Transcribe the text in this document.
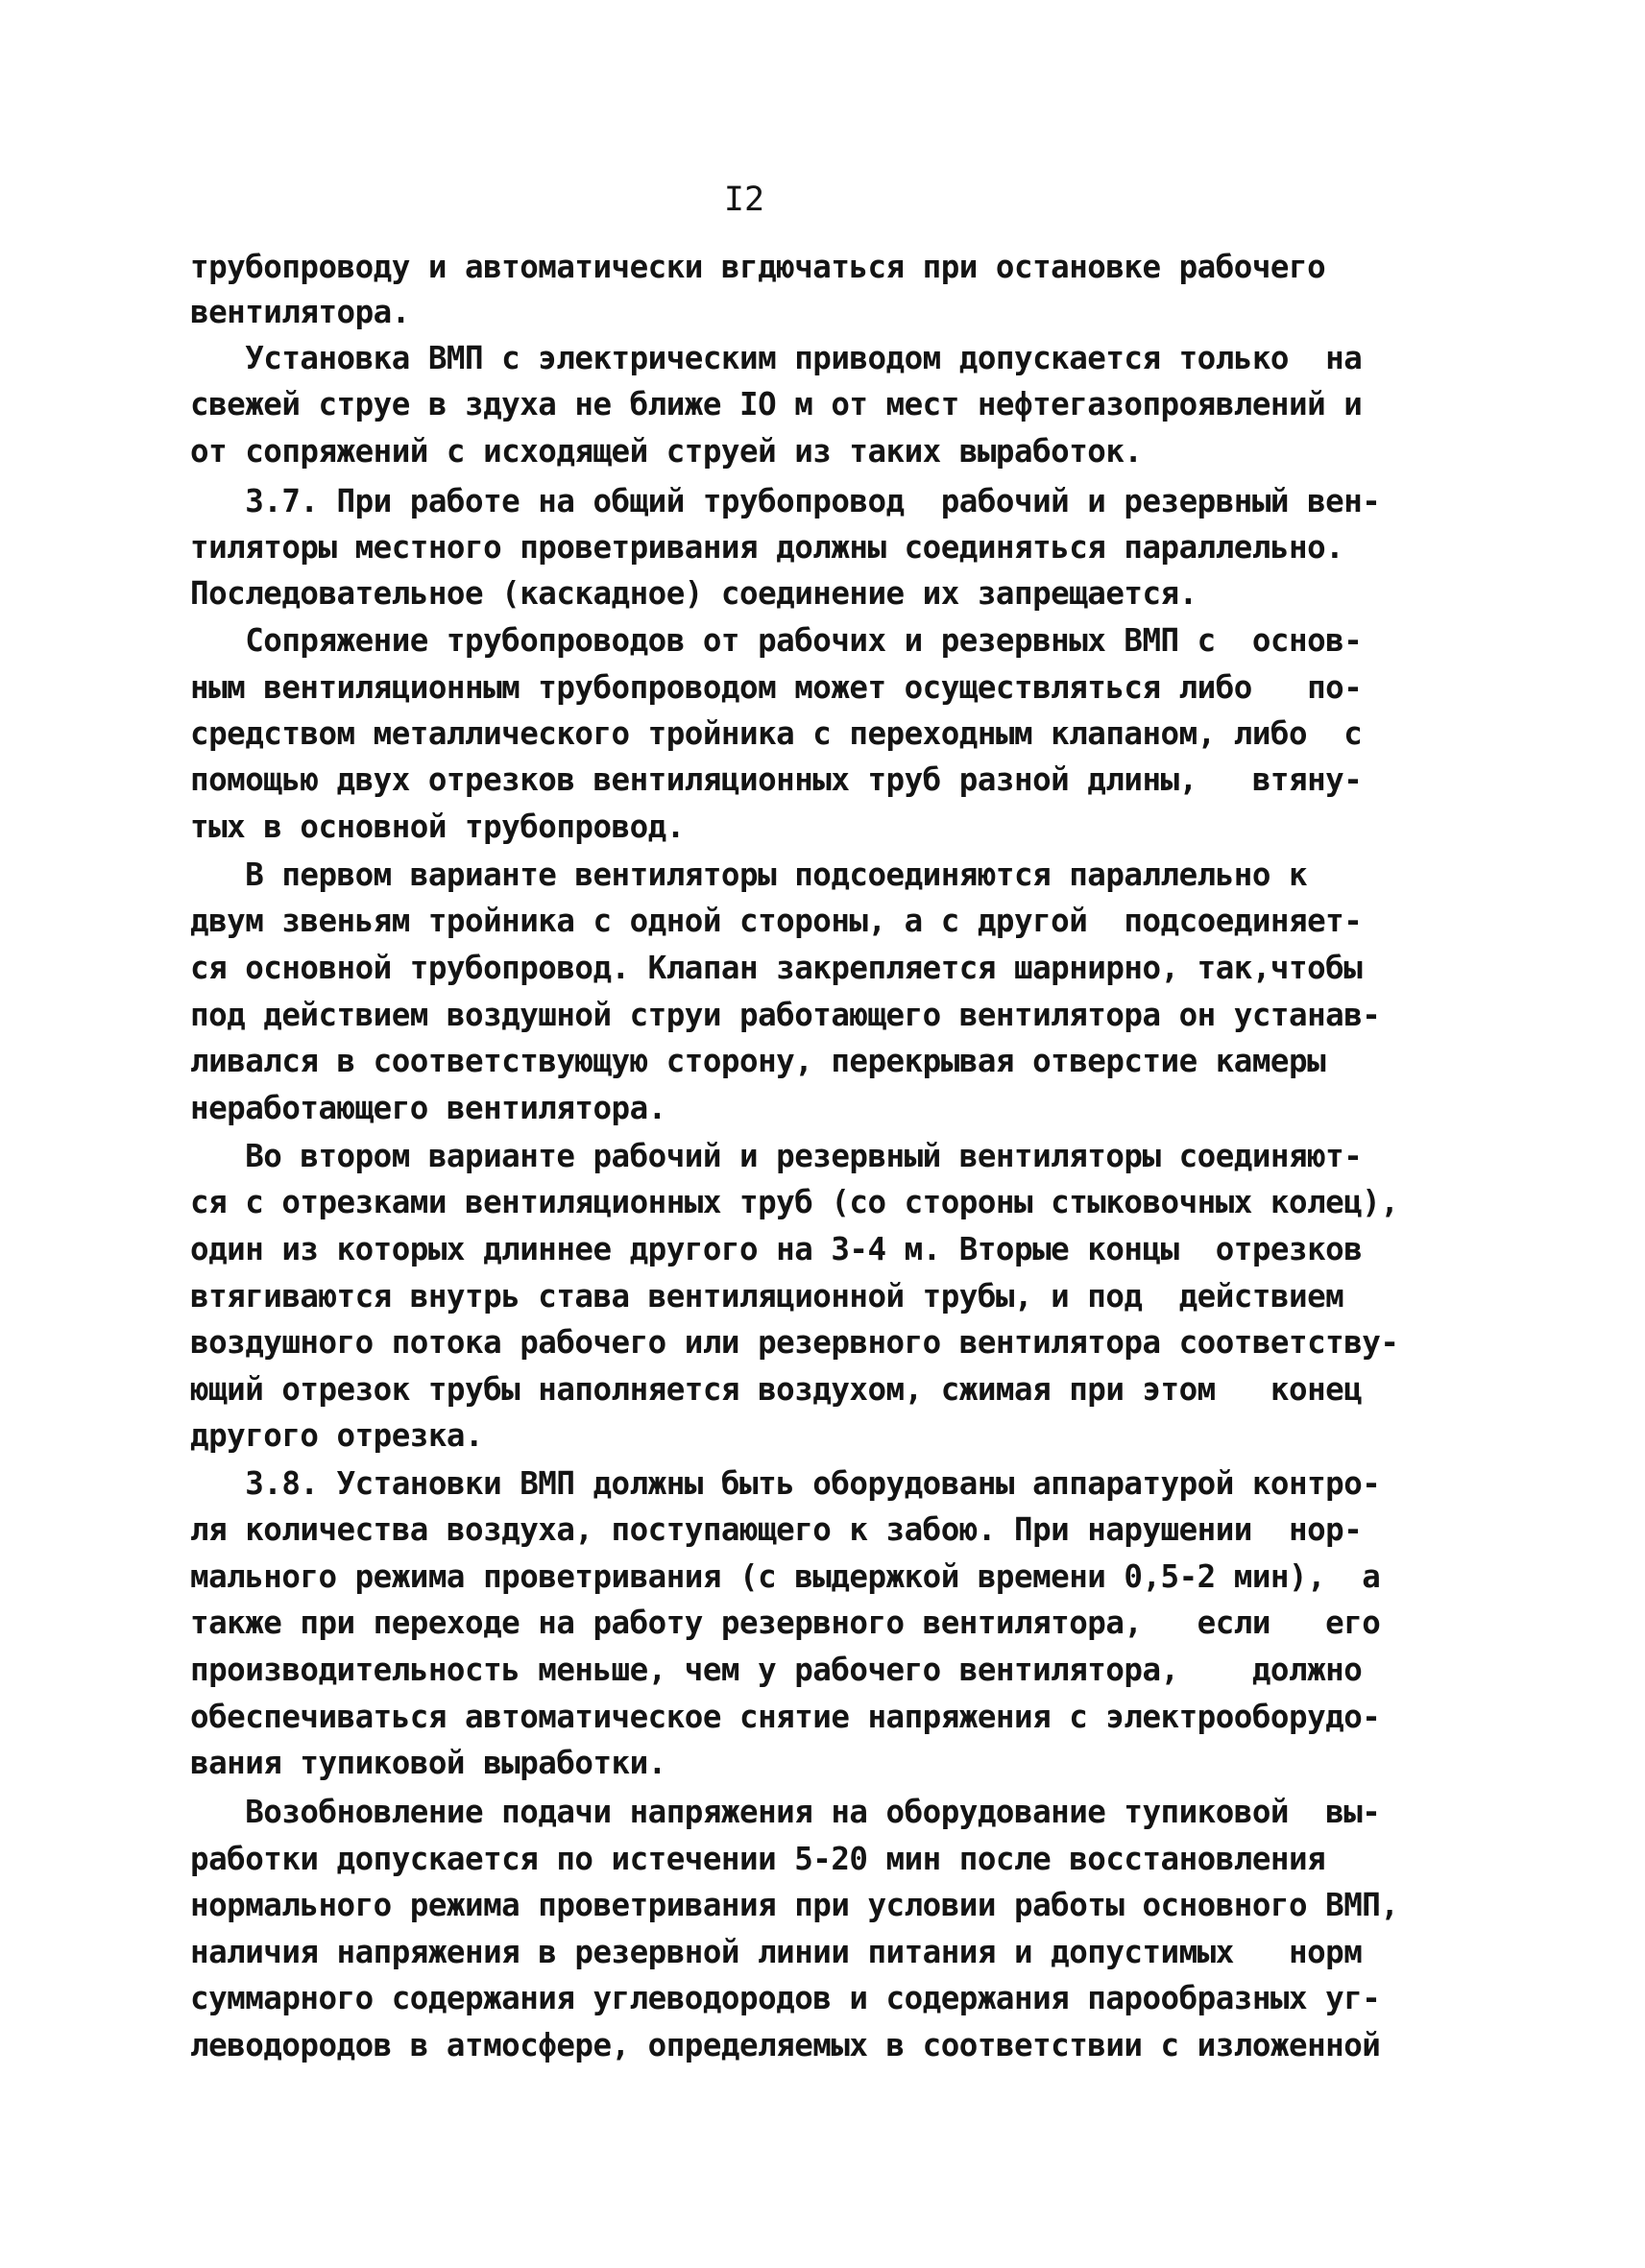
I2
трубопроводу и автоматически вгдючаться при остановке рабочего
вентилятора.
Установка ВМП с электрическим приводом допускается только  на
свежей струе в здуха не ближе IO м от мест нефтегазопроявлений и
от сопряжений с исходящей струей из таких выработок.
3.7. При работе на общий трубопровод  рабочий и резервный вен-
тиляторы местного проветривания должны соединяться параллельно.
Последовательное (каскадное) соединение их запрещается.
Сопряжение трубопроводов от рабочих и резервных ВМП с  основ-
ным вентиляционным трубопроводом может осуществляться либо   по-
средством металлического тройника с переходным клапаном, либо  с
помощью двух отрезков вентиляционных труб разной длины,   втяну-
тых в основной трубопровод.
В первом варианте вентиляторы подсоединяются параллельно к
двум звеньям тройника с одной стороны, а с другой  подсоединяет-
ся основной трубопровод. Клапан закрепляется шарнирно, так,чтобы
под действием воздушной струи работающего вентилятора он устанав-
ливался в соответствующую сторону, перекрывая отверстие камеры
неработающего вентилятора.
Во втором варианте рабочий и резервный вентиляторы соединяют-
ся с отрезками вентиляционных труб (со стороны стыковочных колец),
один из которых длиннее другого на 3-4 м. Вторые концы  отрезков
втягиваются внутрь става вентиляционной трубы, и под  действием
воздушного потока рабочего или резервного вентилятора соответству-
ющий отрезок трубы наполняется воздухом, сжимая при этом   конец
другого отрезка.
3.8. Установки ВМП должны быть оборудованы аппаратурой контро-
ля количества воздуха, поступающего к забою. При нарушении  нор-
мального режима проветривания (с выдержкой времени 0,5-2 мин),  а
также при переходе на работу резервного вентилятора,   если   его
производительность меньше, чем у рабочего вентилятора,    должно
обеспечиваться автоматическое снятие напряжения с электрооборудо-
вания тупиковой выработки.
Возобновление подачи напряжения на оборудование тупиковой  вы-
работки допускается по истечении 5-20 мин после восстановления
нормального режима проветривания при условии работы основного ВМП,
наличия напряжения в резервной линии питания и допустимых   норм
суммарного содержания углеводородов и содержания парообразных уг-
леводородов в атмосфере, определяемых в соответствии с изложенной
